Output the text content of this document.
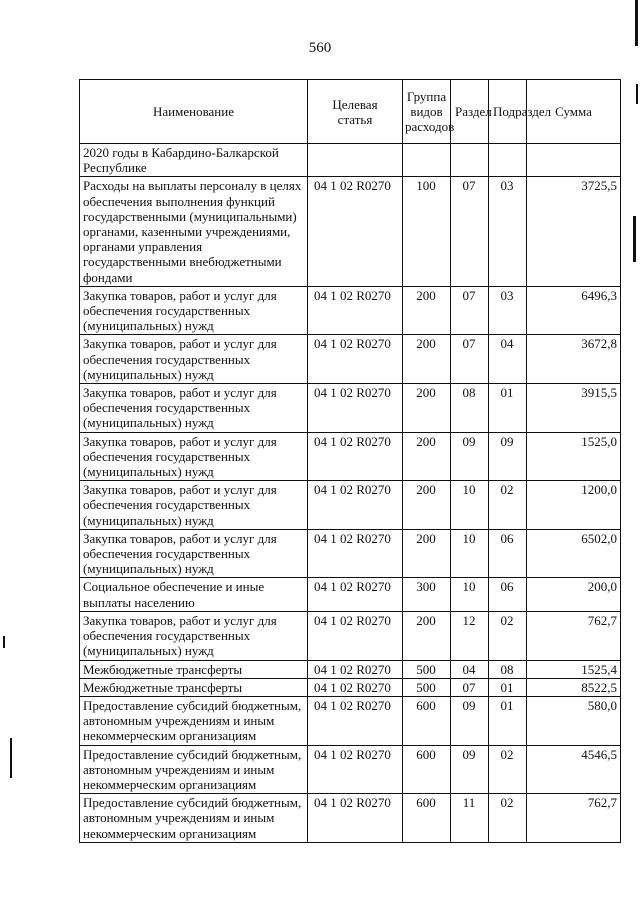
560
Наименование	Целевая статья	Группа видов расходов	Раздел	Подраздел	Сумма
2020 годы в Кабардино-Балкарской Республике					
Расходы на выплаты персоналу в целях обеспечения выполнения функций государственными (муниципальными) органами, казенными учреждениями, органами управления государственными внебюджетными фондами	04 1 02 R0270	100	07	03	3725,5
Закупка товаров, работ и услуг для обеспечения государственных (муниципальных) нужд	04 1 02 R0270	200	07	03	6496,3
Закупка товаров, работ и услуг для обеспечения государственных (муниципальных) нужд	04 1 02 R0270	200	07	04	3672,8
Закупка товаров, работ и услуг для обеспечения государственных (муниципальных) нужд	04 1 02 R0270	200	08	01	3915,5
Закупка товаров, работ и услуг для обеспечения государственных (муниципальных) нужд	04 1 02 R0270	200	09	09	1525,0
Закупка товаров, работ и услуг для обеспечения государственных (муниципальных) нужд	04 1 02 R0270	200	10	02	1200,0
Закупка товаров, работ и услуг для обеспечения государственных (муниципальных) нужд	04 1 02 R0270	200	10	06	6502,0
Социальное обеспечение и иные выплаты населению	04 1 02 R0270	300	10	06	200,0
Закупка товаров, работ и услуг для обеспечения государственных (муниципальных) нужд	04 1 02 R0270	200	12	02	762,7
Межбюджетные трансферты	04 1 02 R0270	500	04	08	1525,4
Межбюджетные трансферты	04 1 02 R0270	500	07	01	8522,5
Предоставление субсидий бюджетным, автономным учреждениям и иным некоммерческим организациям	04 1 02 R0270	600	09	01	580,0
Предоставление субсидий бюджетным, автономным учреждениям и иным некоммерческим организациям	04 1 02 R0270	600	09	02	4546,5
Предоставление субсидий бюджетным, автономным учреждениям и иным некоммерческим организациям	04 1 02 R0270	600	11	02	762,7
